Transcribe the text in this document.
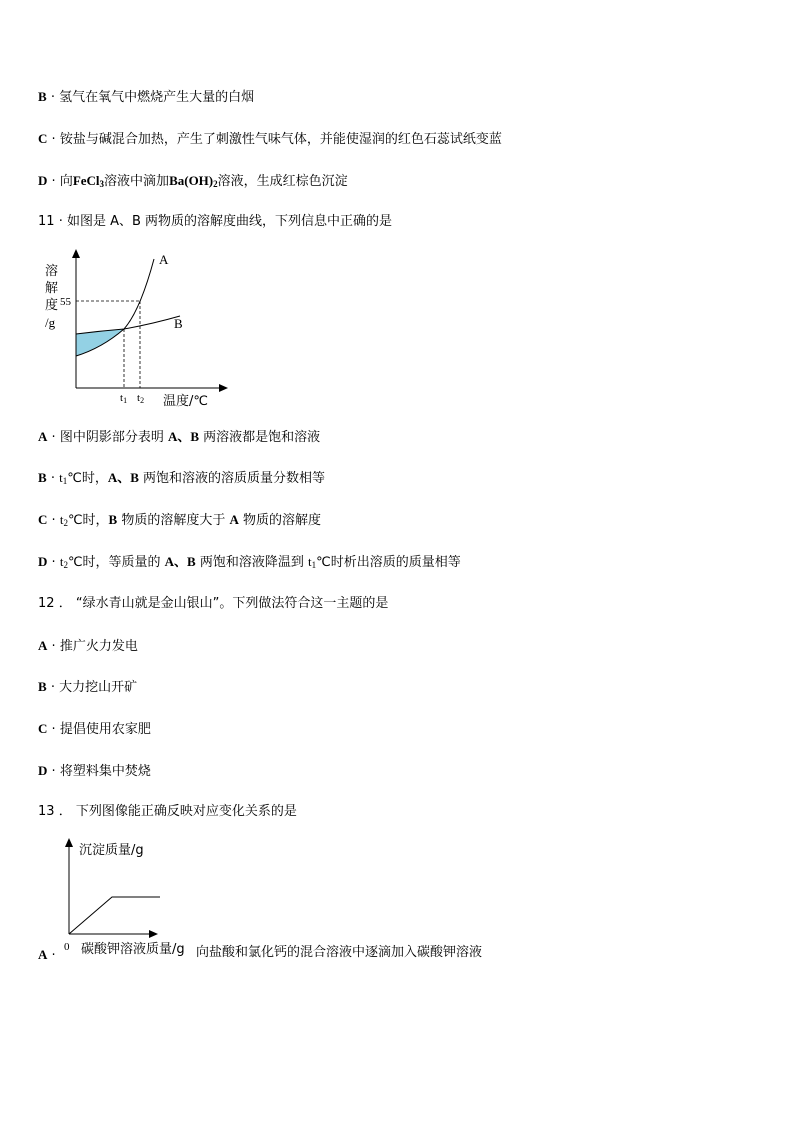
B · 氢气在氧气中燃烧产生大量的白烟
C · 铵盐与碱混合加热，产生了刺激性气味气体，并能使湿润的红色石蕊试纸变蓝
D · 向FeCl$_3$溶液中滴加$Ba(OH)_2$溶液，生成红棕色沉淀
11 · 如图是 A、B 两物质的溶解度曲线，下列信息中正确的是
溶
解
度
/g
55
A
B
t1 t2 温度/℃
A · 图中阴影部分表明 A、B 两溶液都是饱和溶液
$B \cdot t_1℃$时，A、B 两饱和溶液的溶质质量分数相等
$C \cdot t_2℃$时，B 物质的溶解度大于 A 物质的溶解度
$D \cdot t_2℃$时，等质量的 A、B 两饱和溶液降温到 $t_1℃$时析出溶质的质量相等
12 ． “绿水青山就是金山银山”。下列做法符合这一主题的是
A · 推广火力发电
B · 大力挖山开矿
C · 提倡使用农家肥
D · 将塑料集中焚烧
13 ． 下列图像能正确反映对应变化关系的是
沉淀质量/g
0 碳酸钾溶液质量/g
A ·	向盐酸和氯化钙的混合溶液中逐滴加入碳酸钾溶液
